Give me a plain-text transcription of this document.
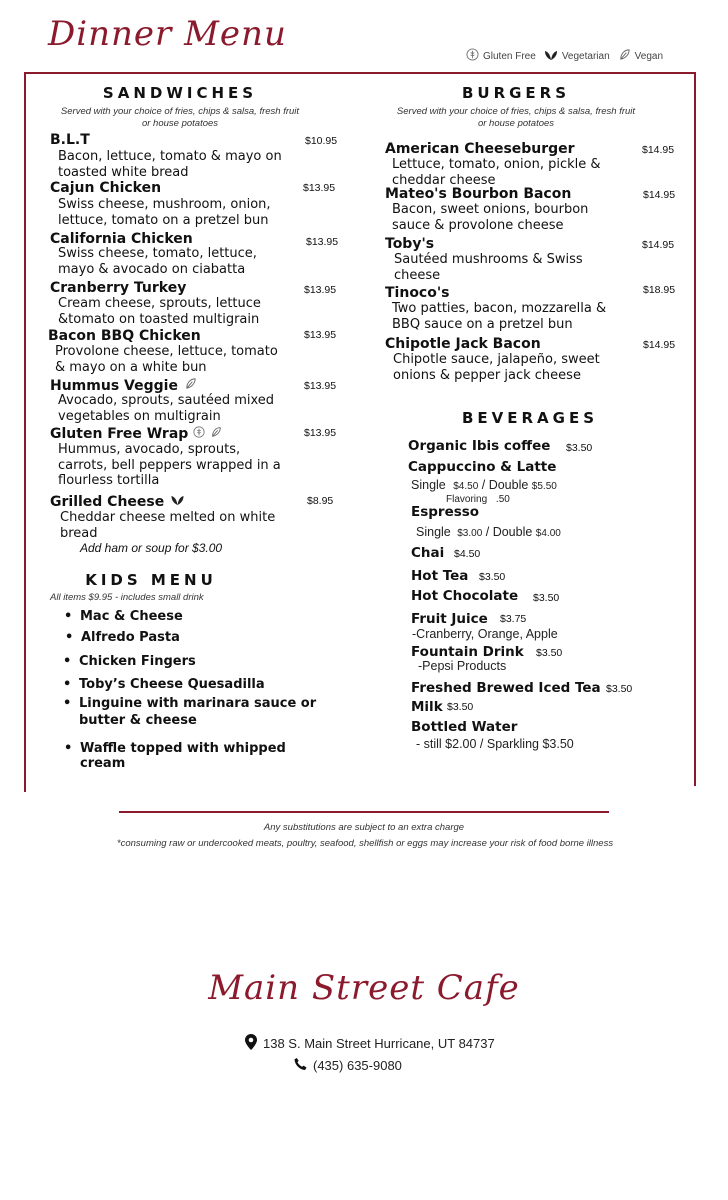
Dinner Menu
Gluten Free	Vegetarian	Vegan
SANDWICHES
Served with your choice of fries, chips & salsa, fresh fruit
or house potatoes
B.L.T	$10.95
Bacon, lettuce, tomato & mayo on
toasted white bread
Cajun Chicken	$13.95
Swiss cheese, mushroom, onion,
lettuce, tomato on a pretzel bun
California Chicken	$13.95
Swiss cheese, tomato, lettuce,
mayo & avocado on ciabatta
Cranberry Turkey	$13.95
Cream cheese, sprouts, lettuce
&tomato on toasted multigrain
Bacon BBQ Chicken	$13.95
Provolone cheese, lettuce, tomato
& mayo on a white bun
Hummus Veggie	$13.95
Avocado, sprouts, sautéed mixed
vegetables on multigrain
Gluten Free Wrap	$13.95
Hummus, avocado, sprouts,
carrots, bell peppers wrapped in a
flourless tortilla
Grilled Cheese	$8.95
Cheddar cheese melted on white
bread
Add ham or soup for $3.00
KIDS MENU
All items $9.95 - includes small drink
• Mac & Cheese
• Alfredo Pasta
• Chicken Fingers
• Toby’s Cheese Quesadilla
• Linguine with marinara sauce or
butter & cheese
• Waffle topped with whipped
cream
BURGERS
Served with your choice of fries, chips & salsa, fresh fruit
or house potatoes
American Cheeseburger	$14.95
Lettuce, tomato, onion, pickle &
cheddar cheese
Mateo's Bourbon Bacon	$14.95
Bacon, sweet onions, bourbon
sauce & provolone cheese
Toby's	$14.95
Sautéed mushrooms & Swiss
cheese
Tinoco's	$18.95
Two patties, bacon, mozzarella &
BBQ sauce on a pretzel bun
Chipotle Jack Bacon	$14.95
Chipotle sauce, jalapeño, sweet
onions & pepper jack cheese
BEVERAGES
Organic Ibis coffee $3.50
Cappuccino & Latte
Single $4.50 / Double $5.50
Flavoring .50
Espresso
Single $3.00 / Double $4.00
Chai $4.50
Hot Tea $3.50
Hot Chocolate $3.50
Fruit Juice $3.75
-Cranberry, Orange, Apple
Fountain Drink $3.50
-Pepsi Products
Freshed Brewed Iced Tea $3.50
Milk $3.50
Bottled Water
- still $2.00 / Sparkling $3.50
Any substitutions are subject to an extra charge
*consuming raw or undercooked meats, poultry, seafood, shellfish or eggs may increase your risk of food borne illness
Main Street Cafe
138 S. Main Street Hurricane, UT 84737
(435) 635-9080
